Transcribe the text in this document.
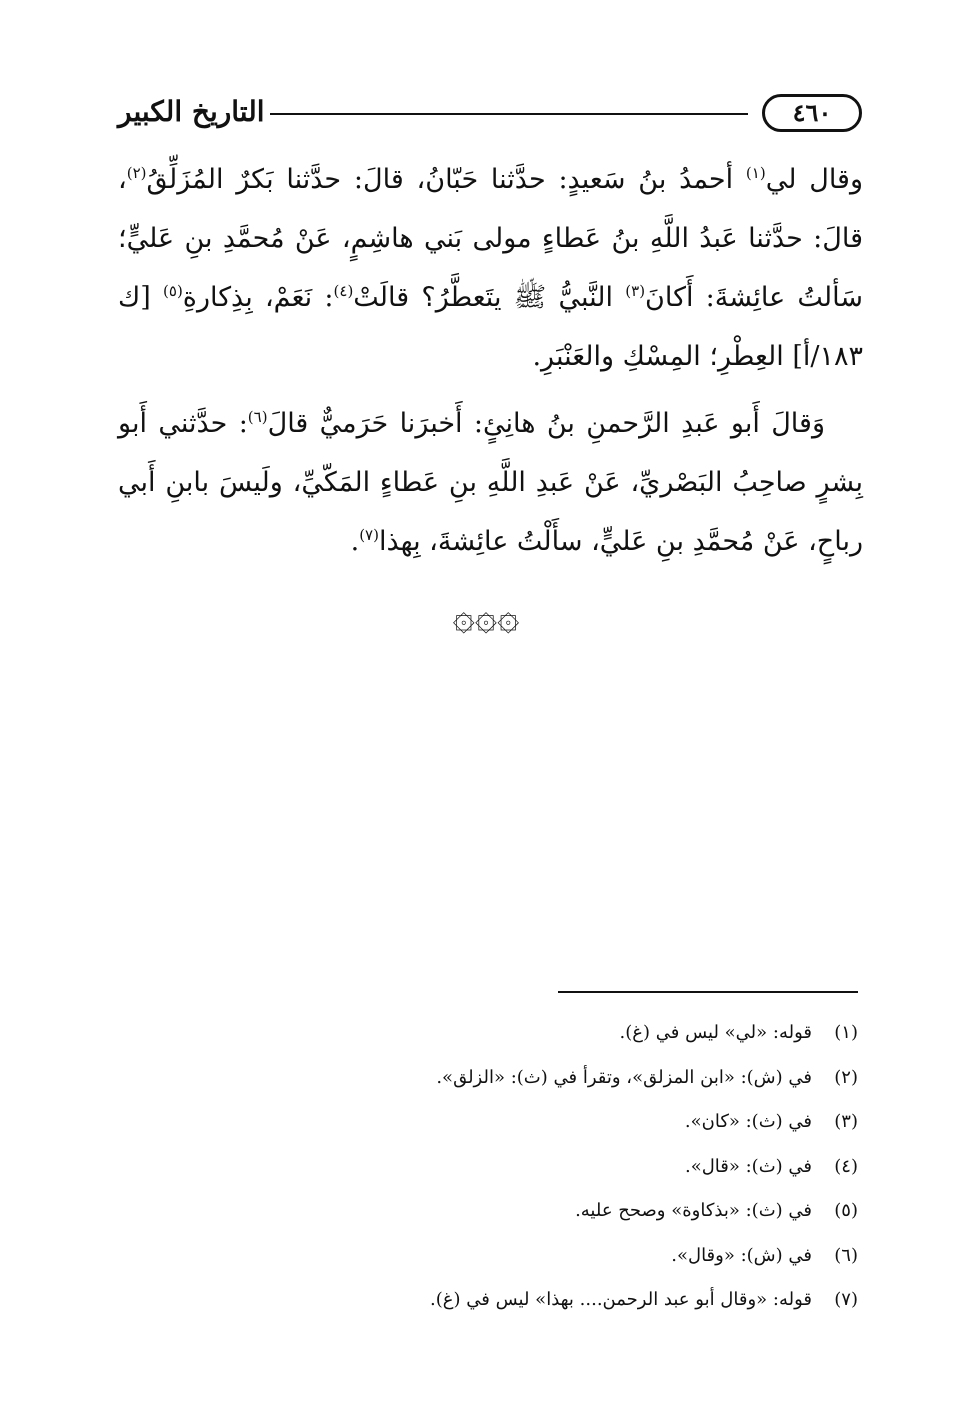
التاريخ الكبير	٤٦٠

وقال لي$^{(١)}$ أحمدُ بنُ سَعيدٍ: حدَّثنا حَبّانُ، قالَ: حدَّثنا بَكرٌ المُزَلِّقُ$^{(٢)}$، قالَ: حدَّثنا عَبدُ اللَّهِ بنُ عَطاءٍ مولى بَني هاشِمٍ، عَنْ مُحمَّدِ بنِ عَليٍّ؛ سَألتُ عائِشةَ: أَكانَ$^{(٣)}$ النَّبيُّ ﷺ يتَعطَّرُ؟ قالَتْ$^{(٤)}$: نَعَمْ، بِذِكارةِ$^{(٥)}$ [ك ١٨٣/أ] العِطْرِ؛ المِسْكِ والعَنْبَرِ.

وَقالَ أَبو عَبدِ الرَّحمنِ بنُ هانِئٍ: أَخبرَنا حَرَميٌّ قالَ$^{(٦)}$: حدَّثني أَبو بِشرٍ صاحِبُ البَصْريِّ، عَنْ عَبدِ اللَّهِ بنِ عَطاءٍ المَكّيِّ، ولَيسَ بابنِ أَبي رباحٍ، عَنْ مُحمَّدِ بنِ عَليٍّ، سأَلْتُ عائِشةَ، بِهذا$^{(٧)}$.

۞۞۞
(١)قوله: «لي» ليس في (غ).
(٢)في (ش): «ابن المزلق»، وتقرأ في (ث): «الزلق».
(٣)في (ث): «كان».
(٤)في (ث): «قال».
(٥)في (ث): «بذكاوة» وصحح عليه.
(٦)في (ش): «وقال».
(٧)قوله: «وقال أبو عبد الرحمن.... بهذا» ليس في (غ).
